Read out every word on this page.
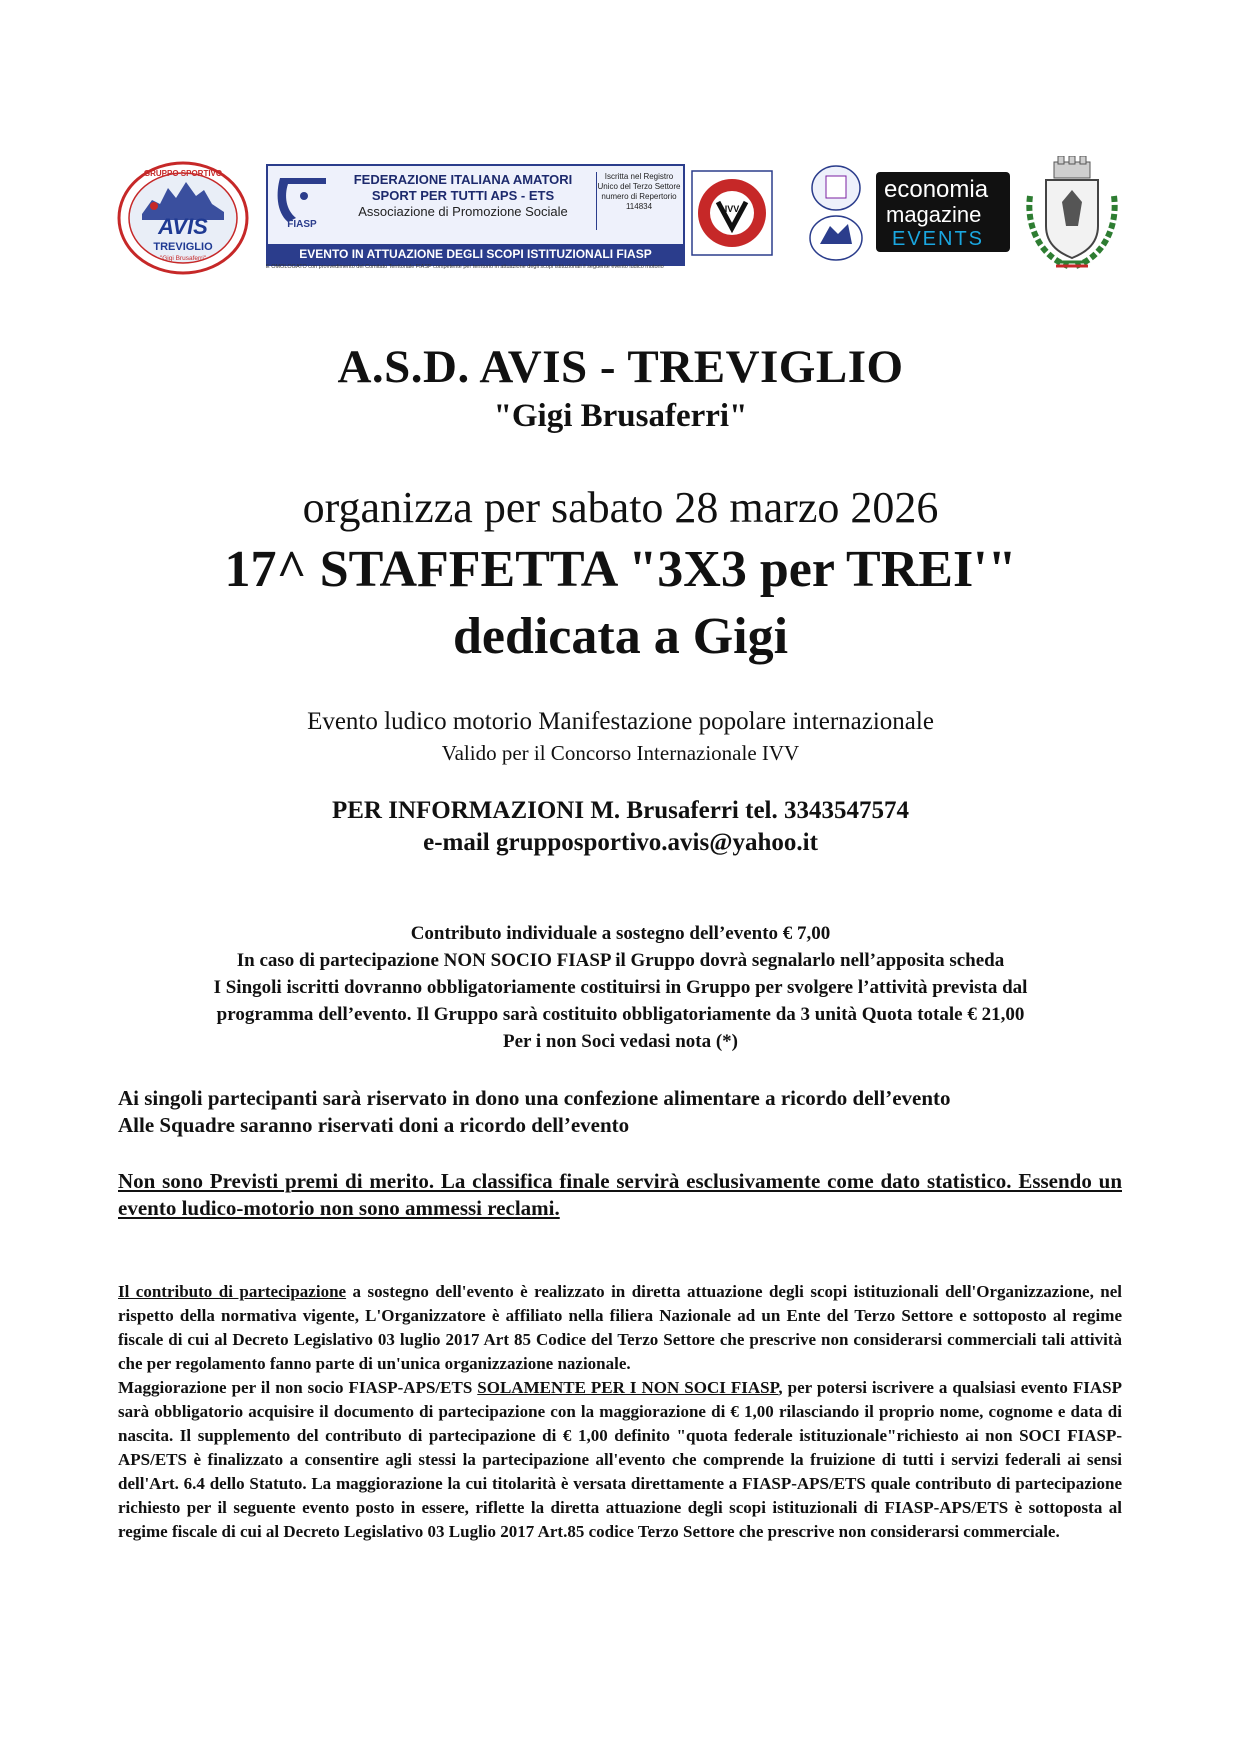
AVIS
TREVIGLIO
"Gigi Brusaferri"
GRUPPO SPORTIVO
FIASP
FEDERAZIONE ITALIANA AMATORI
SPORT PER TUTTI APS - ETS
Associazione di Promozione Sociale
Iscritta nel Registro Unico del Terzo Settore numero di Repertorio 114834
EVENTO IN ATTUAZIONE DEGLI SCOPI ISTITUZIONALI FIASP
IVV
E OMOLOGATO con provvedimento del Comitato Territoriale FIASP competente per territorio in attuazione degli scopi istituzionali il seguente evento ludico motorio
economia
magazine
EVENTS
A.S.D. AVIS - TREVIGLIO
"Gigi Brusaferri"
organizza per sabato 28 marzo 2026
17^ STAFFETTA "3X3 per TREI'"
dedicata a Gigi
Evento ludico motorio Manifestazione popolare internazionale
Valido per il Concorso Internazionale IVV
PER INFORMAZIONI M. Brusaferri tel. 3343547574
e-mail grupposportivo.avis@yahoo.it
Contributo individuale a sostegno dell’evento € 7,00
In caso di partecipazione NON SOCIO FIASP il Gruppo dovrà segnalarlo nell’apposita scheda
I Singoli iscritti dovranno obbligatoriamente costituirsi in Gruppo per svolgere l’attività prevista dal
programma dell’evento. Il Gruppo sarà costituito obbligatoriamente da 3 unità Quota totale € 21,00
Per i non Soci vedasi nota (*)
Ai singoli partecipanti sarà riservato in dono una confezione alimentare a ricordo dell’evento
Alle Squadre saranno riservati doni a ricordo dell’evento
Non sono Previsti premi di merito. La classifica finale servirà esclusivamente come dato statistico. Essendo un evento ludico-motorio non sono ammessi reclami.
Il contributo di partecipazione a sostegno dell'evento è realizzato in diretta attuazione degli scopi istituzionali dell'Organizzazione, nel rispetto della normativa vigente, L'Organizzatore è affiliato nella filiera Nazionale ad un Ente del Terzo Settore e sottoposto al regime fiscale di cui al Decreto Legislativo 03 luglio 2017 Art 85 Codice del Terzo Settore che prescrive non considerarsi commerciali tali attività che per regolamento fanno parte di un'unica organizzazione nazionale.
Maggiorazione per il non socio FIASP-APS/ETS SOLAMENTE PER I NON SOCI FIASP, per potersi iscrivere a qualsiasi evento FIASP sarà obbligatorio acquisire il documento di partecipazione con la maggiorazione di € 1,00 rilasciando il proprio nome, cognome e data di nascita. Il supplemento del contributo di partecipazione di € 1,00 definito "quota federale istituzionale"richiesto ai non SOCI FIASP-APS/ETS è finalizzato a consentire agli stessi la partecipazione all'evento che comprende la fruizione di tutti i servizi federali ai sensi dell'Art. 6.4 dello Statuto. La maggiorazione la cui titolarità è versata direttamente a FIASP-APS/ETS quale contributo di partecipazione richiesto per il seguente evento posto in essere, riflette la diretta attuazione degli scopi istituzionali di FIASP-APS/ETS è sottoposta al regime fiscale di cui al Decreto Legislativo 03 Luglio 2017 Art.85 codice Terzo Settore che prescrive non considerarsi commerciale.
